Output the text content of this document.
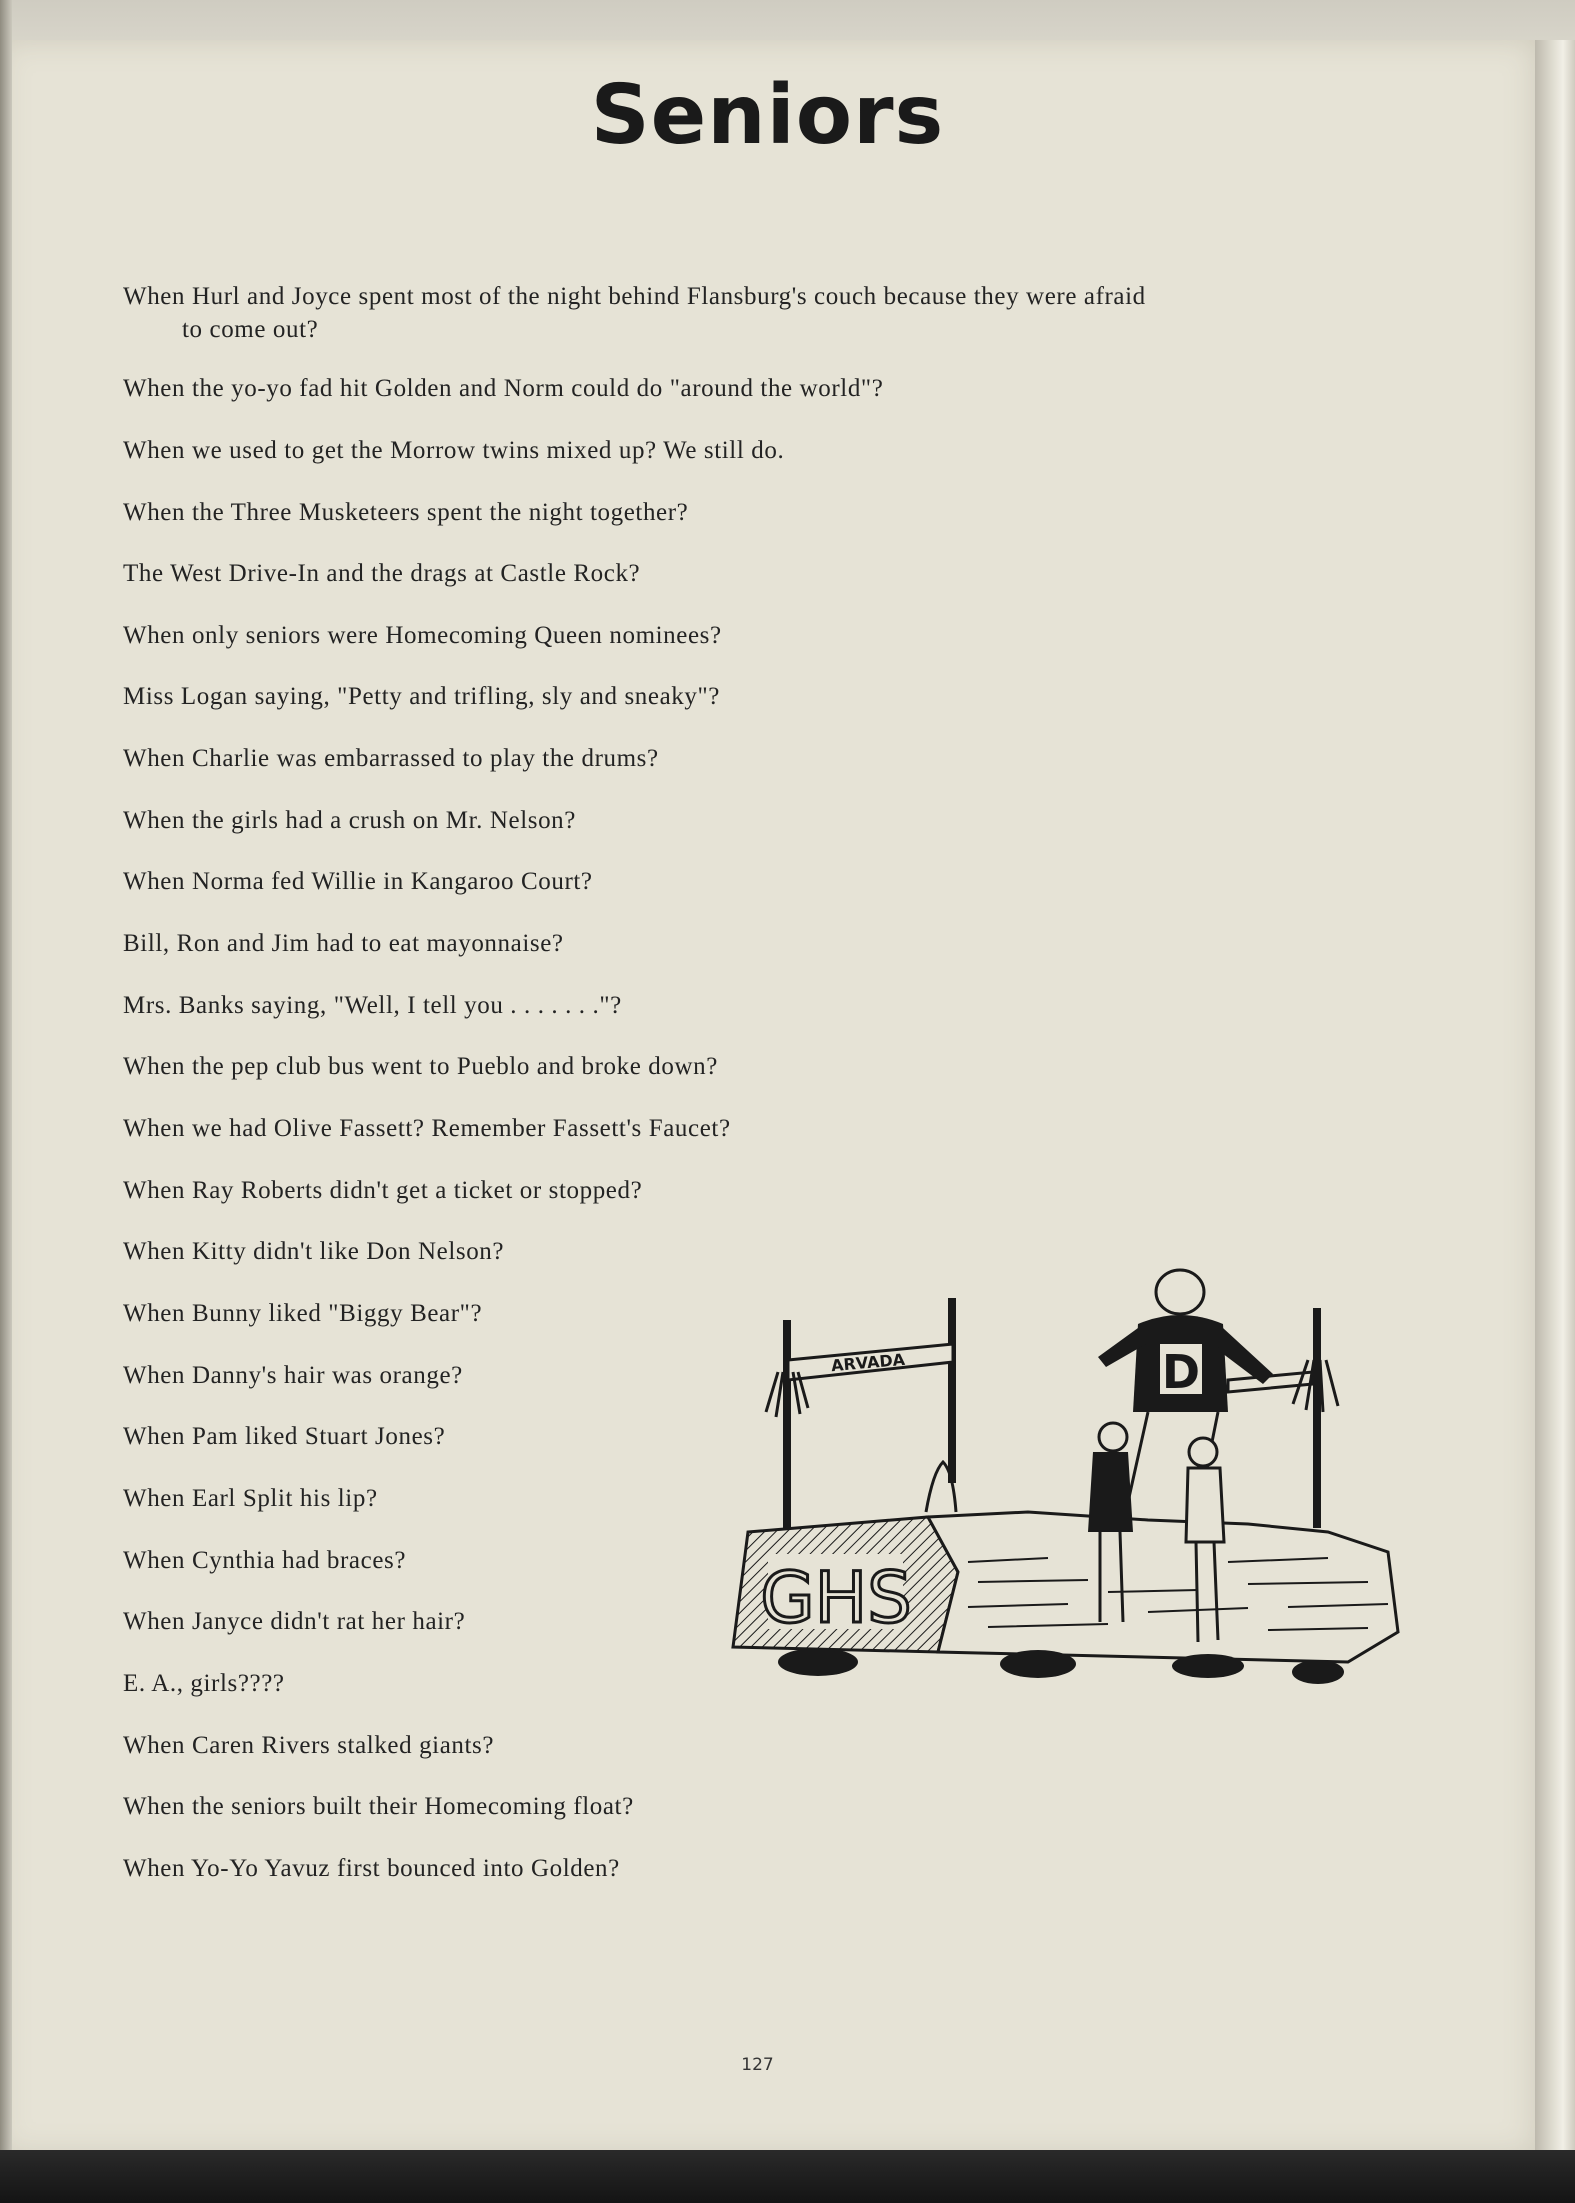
Seniors
When Hurl and Joyce spent most of the night behind Flansburg's couch because they were afraid
to come out?
When the yo-yo fad hit Golden and Norm could do "around the world"?
When we used to get the Morrow twins mixed up? We still do.
When the Three Musketeers spent the night together?
The West Drive-In and the drags at Castle Rock?
When only seniors were Homecoming Queen nominees?
Miss Logan saying, "Petty and trifling, sly and sneaky"?
When Charlie was embarrassed to play the drums?
When the girls had a crush on Mr. Nelson?
When Norma fed Willie in Kangaroo Court?
Bill, Ron and Jim had to eat mayonnaise?
Mrs. Banks saying, "Well, I tell you . . . . . . ."?
When the pep club bus went to Pueblo and broke down?
When we had Olive Fassett? Remember Fassett's Faucet?
When Ray Roberts didn't get a ticket or stopped?
When Kitty didn't like Don Nelson?
When Bunny liked "Biggy Bear"?
When Danny's hair was orange?
When Pam liked Stuart Jones?
When Earl Split his lip?
When Cynthia had braces?
When Janyce didn't rat her hair?
E. A., girls????
When Caren Rivers stalked giants?
When the seniors built their Homecoming float?
When Yo-Yo Yavuz first bounced into Golden?
ARVADA
GHS
D
127
